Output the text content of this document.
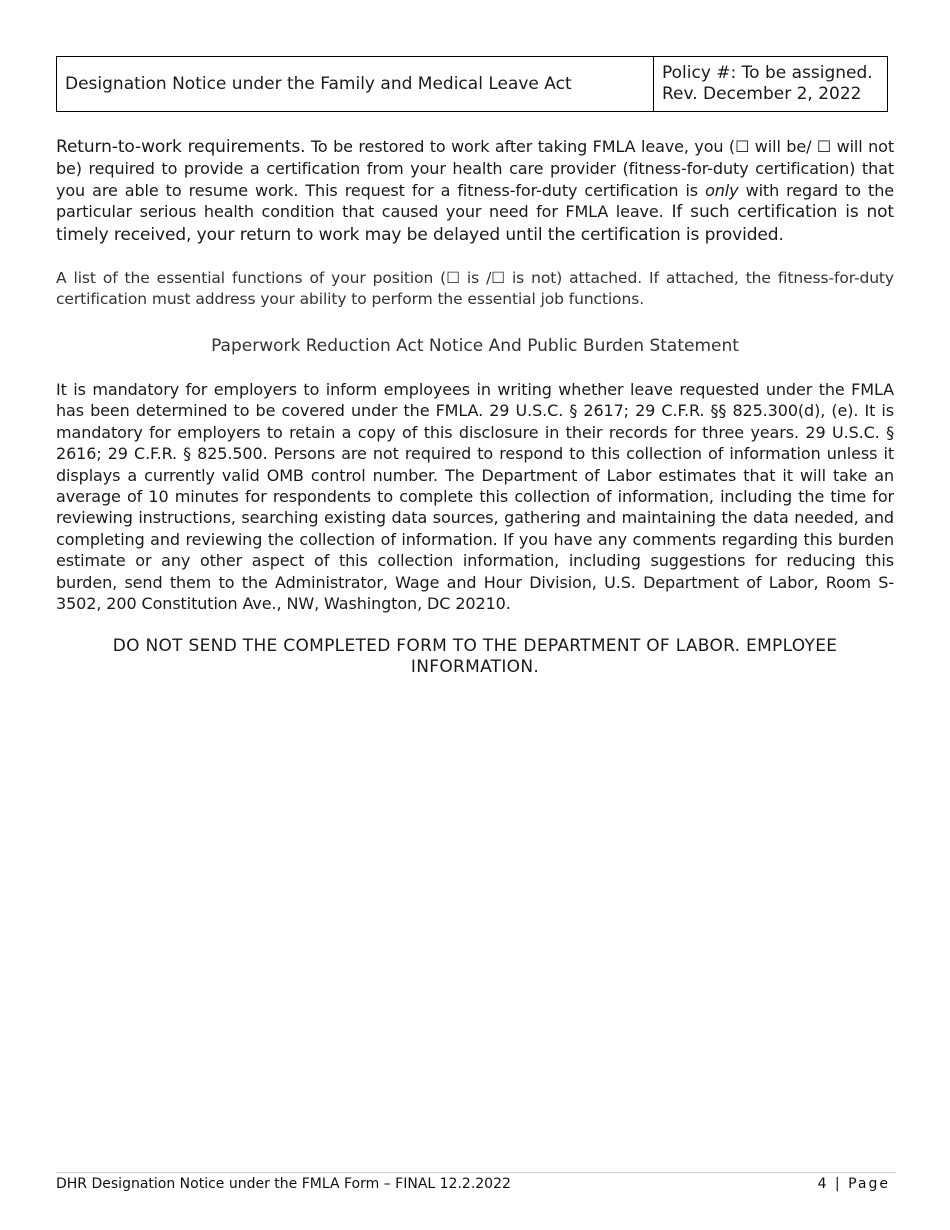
Designation Notice under the Family and Medical Leave Act
Policy #: To be assigned.
Rev. December 2, 2022
Return-to-work requirements. To be restored to work after taking FMLA leave, you (☐ will be/ ☐ will not be) required to provide a certification from your health care provider (fitness-for-duty certification) that you are able to resume work. This request for a fitness-for-duty certification is only with regard to the particular serious health condition that caused your need for FMLA leave. If such certification is not timely received, your return to work may be delayed until the certification is provided.
A list of the essential functions of your position (☐ is /☐ is not) attached. If attached, the fitness-for-duty certification must address your ability to perform the essential job functions.
Paperwork Reduction Act Notice And Public Burden Statement
It is mandatory for employers to inform employees in writing whether leave requested under the FMLA has been determined to be covered under the FMLA. 29 U.S.C. § 2617; 29 C.F.R. §§ 825.300(d), (e). It is mandatory for employers to retain a copy of this disclosure in their records for three years. 29 U.S.C. § 2616; 29 C.F.R. § 825.500. Persons are not required to respond to this collection of information unless it displays a currently valid OMB control number. The Department of Labor estimates that it will take an average of 10 minutes for respondents to complete this collection of information, including the time for reviewing instructions, searching existing data sources, gathering and maintaining the data needed, and completing and reviewing the collection of information. If you have any comments regarding this burden estimate or any other aspect of this collection information, including suggestions for reducing this burden, send them to the Administrator, Wage and Hour Division, U.S. Department of Labor, Room S-3502, 200 Constitution Ave., NW, Washington, DC 20210.
DO NOT SEND THE COMPLETED FORM TO THE DEPARTMENT OF LABOR. EMPLOYEE INFORMATION.
DHR Designation Notice under the FMLA Form – FINAL 12.2.2022	4 | Page
